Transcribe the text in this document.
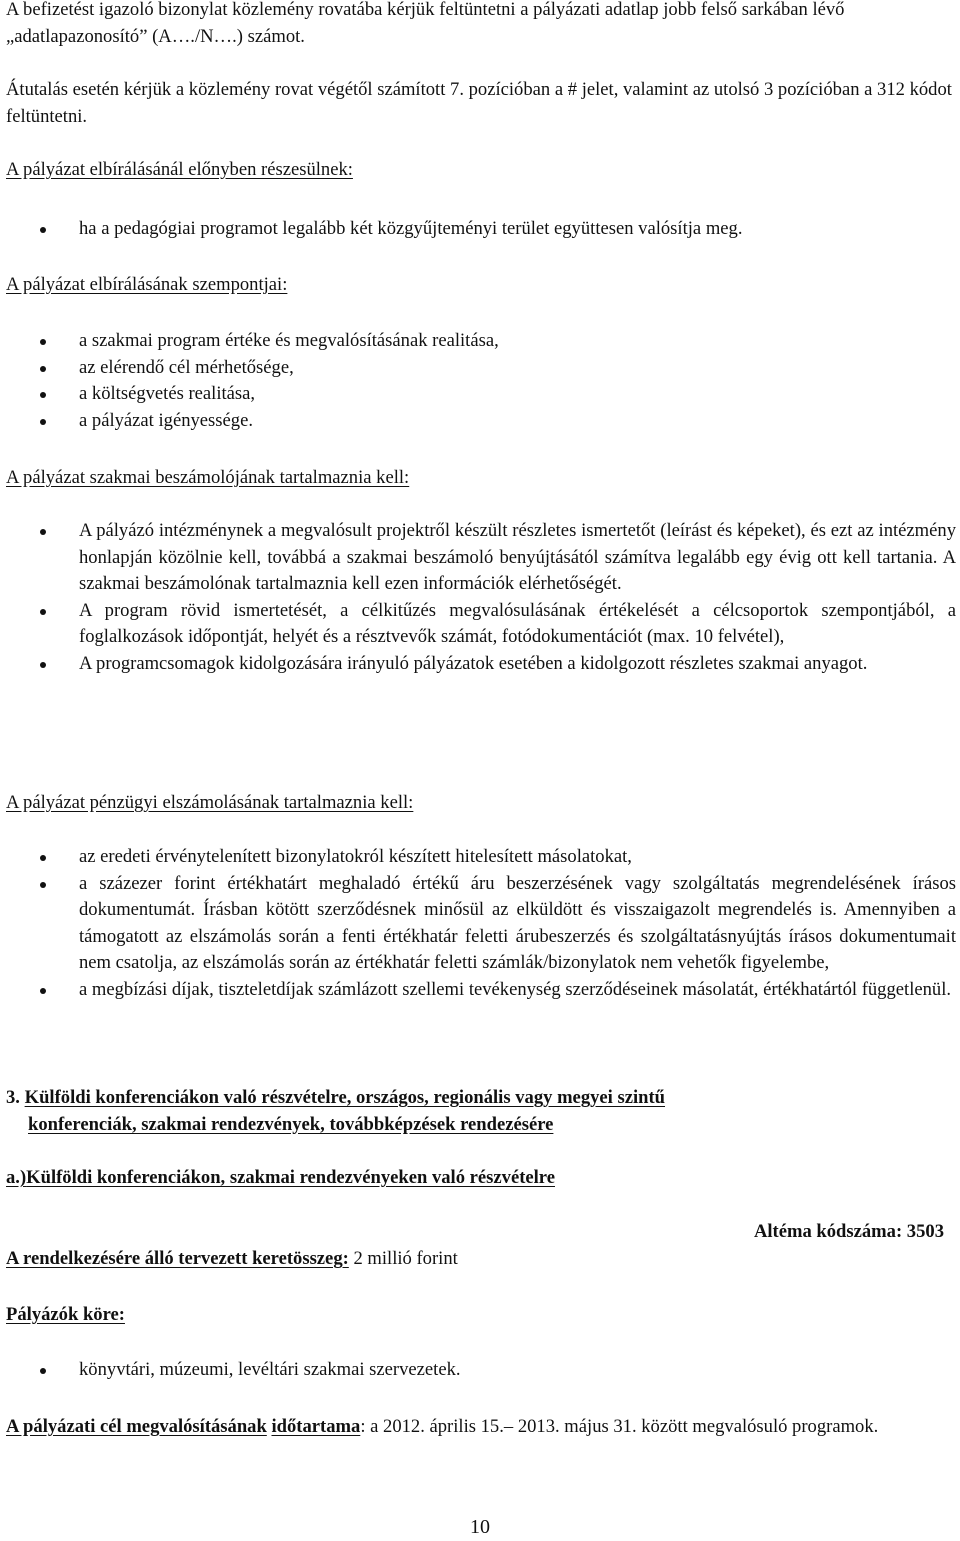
A befizetést igazoló bizonylat közlemény rovatába kérjük feltüntetni a pályázati adatlap jobb felső sarkában lévő „adatlapazonosító” (A…./N….) számot.

Átutalás esetén kérjük a közlemény rovat végétől számított 7. pozícióban a # jelet, valamint az utolsó 3 pozícióban a 312 kódot feltüntetni.

A pályázat elbírálásánál előnyben részesülnek:

ha a pedagógiai programot legalább két közgyűjteményi terület együttesen valósítja meg.

A pályázat elbírálásának szempontjai:

a szakmai program értéke és megvalósításának realitása,
az elérendő cél mérhetősége,
a költségvetés realitása,
a pályázat igényessége.

A pályázat szakmai beszámolójának tartalmaznia kell:

A pályázó intézménynek a megvalósult projektről készült részletes ismertetőt (leírást és képeket), és ezt az intézmény honlapján közölnie kell, továbbá a szakmai beszámoló benyújtásától számítva legalább egy évig ott kell tartania. A szakmai beszámolónak tartalmaznia kell ezen információk elérhetőségét.
A program rövid ismertetését, a célkitűzés megvalósulásának értékelését a célcsoportok szempontjából, a foglalkozások időpontját, helyét és a résztvevők számát, fotódokumentációt (max. 10 felvétel),
A programcsomagok kidolgozására irányuló pályázatok esetében a kidolgozott részletes szakmai anyagot.

A pályázat pénzügyi elszámolásának tartalmaznia kell:

az eredeti érvénytelenített bizonylatokról készített hitelesített másolatokat,
a százezer forint értékhatárt meghaladó értékű áru beszerzésének vagy szolgáltatás megrendelésének írásos dokumentumát. Írásban kötött szerződésnek minősül az elküldött és visszaigazolt megrendelés is. Amennyiben a támogatott az elszámolás során a fenti értékhatár feletti árubeszerzés és szolgáltatásnyújtás írásos dokumentumait nem csatolja, az elszámolás során az értékhatár feletti számlák/bizonylatok nem vehetők figyelembe,
a megbízási díjak, tiszteletdíjak számlázott szellemi tevékenység szerződéseinek másolatát, értékhatártól függetlenül.

3. Külföldi konferenciákon való részvételre, országos, regionális vagy megyei szintű

konferenciák, szakmai rendezvények, továbbképzések rendezésére

a.)Külföldi konferenciákon, szakmai rendezvényeken való részvételre

Altéma kódszáma: 3503

A rendelkezésére álló tervezett keretösszeg: 2 millió forint

Pályázók köre:

könyvtári, múzeumi, levéltári szakmai szervezetek.

A pályázati cél megvalósításának időtartama: a 2012. április 15.– 2013. május 31. között megvalósuló programok.

10
